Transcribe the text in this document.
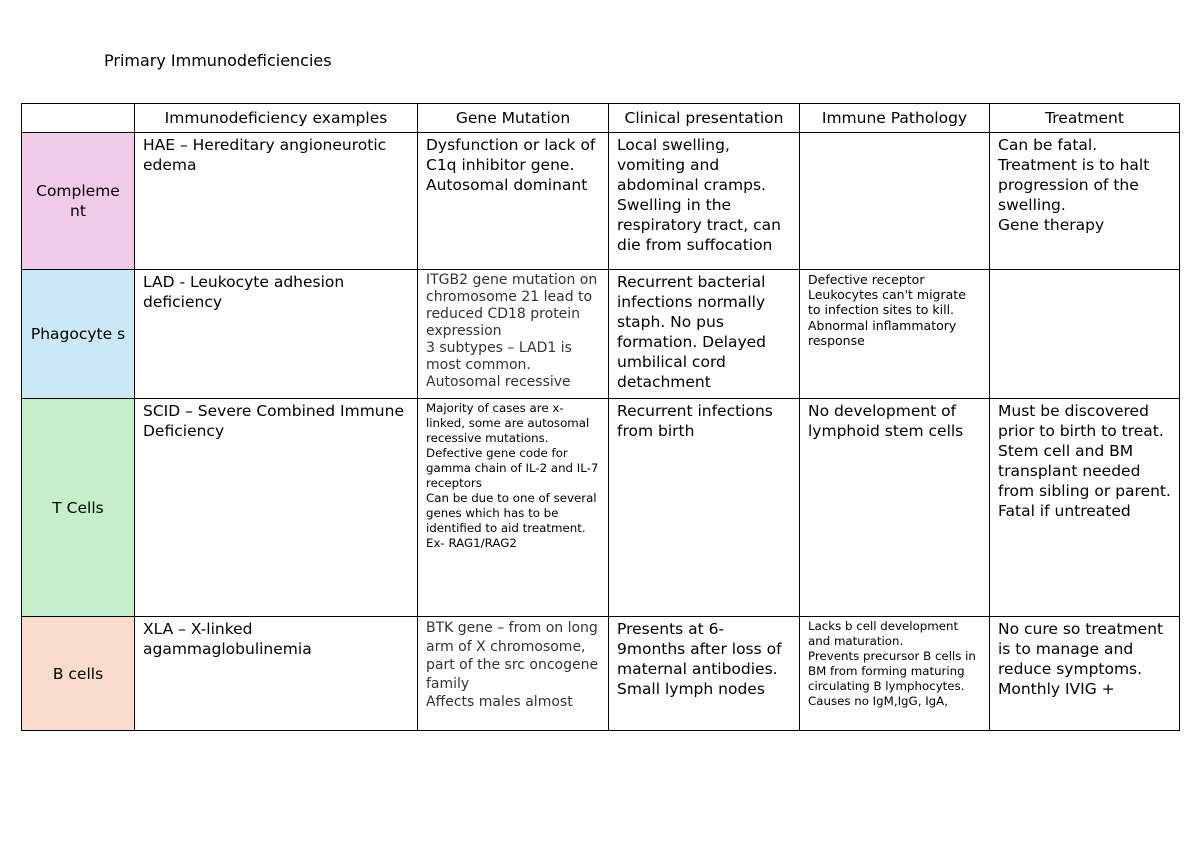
Primary Immunodeficiencies
	Immunodeficiency examples	Gene Mutation	Clinical presentation	Immune Pathology	Treatment
Compleme nt	HAE – Hereditary angioneurotic edema	Dysfunction or lack of C1q inhibitor gene. Autosomal dominant	Local swelling, vomiting and abdominal cramps. Swelling in the respiratory tract, can die from suffocation		Can be fatal.
Treatment is to halt progression of the swelling.
Gene therapy

Phagocyte s	LAD - Leukocyte adhesion deficiency	ITGB2 gene mutation on chromosome 21 lead to reduced CD18 protein expression
3 subtypes – LAD1 is most common.
Autosomal recessive	Recurrent bacterial infections normally staph. No pus formation. Delayed umbilical cord detachment	Defective receptor
Leukocytes can't migrate to infection sites to kill.
Abnormal inflammatory response	

T Cells	SCID – Severe Combined Immune Deficiency	Majority of cases are x-linked, some are autosomal recessive mutations.
Defective gene code for gamma chain of IL-2 and IL-7 receptors
Can be due to one of several genes which has to be identified to aid treatment.
Ex- RAG1/RAG2	Recurrent infections from birth	No development of lymphoid stem cells	Must be discovered prior to birth to treat. Stem cell and BM transplant needed from sibling or parent.
Fatal if untreated

B cells	XLA – X-linked agammaglobulinemia	BTK gene – from on long arm of X chromosome, part of the src oncogene family
Affects males almost	Presents at 6-9months after loss of maternal antibodies.
Small lymph nodes	Lacks b cell development and maturation.
Prevents precursor B cells in BM from forming maturing circulating B lymphocytes.
Causes no IgM,IgG, IgA,	No cure so treatment is to manage and reduce symptoms.
Monthly IVIG +
